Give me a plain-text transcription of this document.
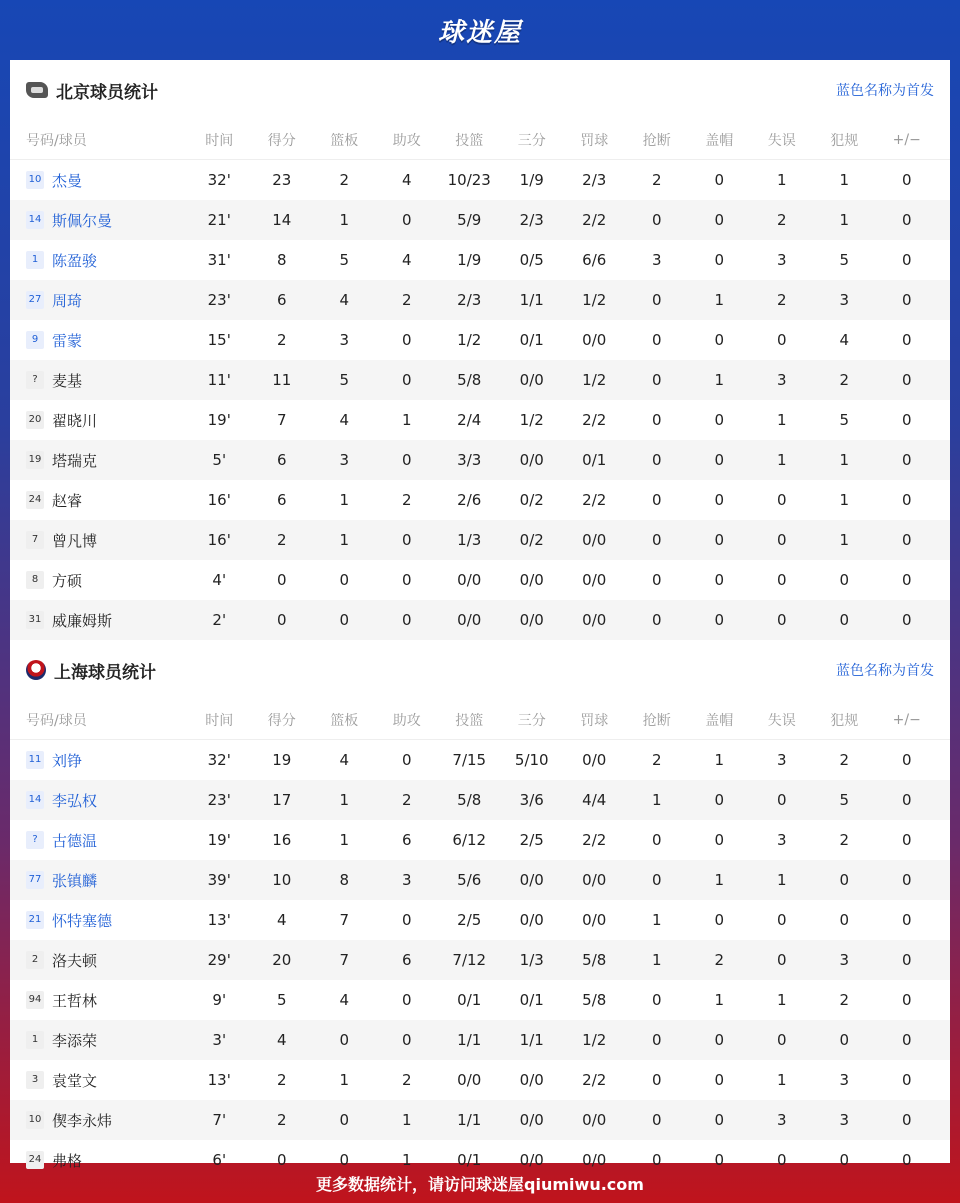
球迷屋
北京球员统计	蓝色名称为首发
号码/球员	时间	得分	篮板	助攻	投篮	三分	罚球	抢断	盖帽	失误	犯规	+/−
10 杰曼	32'	23	2	4	10/23	1/9	2/3	2	0	1	1	0
14 斯佩尔曼	21'	14	1	0	5/9	2/3	2/2	0	0	2	1	0
1 陈盈骏	31'	8	5	4	1/9	0/5	6/6	3	0	3	5	0
27 周琦	23'	6	4	2	2/3	1/1	1/2	0	1	2	3	0
9 雷蒙	15'	2	3	0	1/2	0/1	0/0	0	0	0	4	0
? 麦基	11'	11	5	0	5/8	0/0	1/2	0	1	3	2	0
20 翟晓川	19'	7	4	1	2/4	1/2	2/2	0	0	1	5	0
19 塔瑞克	5'	6	3	0	3/3	0/0	0/1	0	0	1	1	0
24 赵睿	16'	6	1	2	2/6	0/2	2/2	0	0	0	1	0
7 曾凡博	16'	2	1	0	1/3	0/2	0/0	0	0	0	1	0
8 方硕	4'	0	0	0	0/0	0/0	0/0	0	0	0	0	0
31 威廉姆斯	2'	0	0	0	0/0	0/0	0/0	0	0	0	0	0
上海球员统计	蓝色名称为首发
号码/球员	时间	得分	篮板	助攻	投篮	三分	罚球	抢断	盖帽	失误	犯规	+/−
11 刘铮	32'	19	4	0	7/15	5/10	0/0	2	1	3	2	0
14 李弘权	23'	17	1	2	5/8	3/6	4/4	1	0	0	5	0
? 古德温	19'	16	1	6	6/12	2/5	2/2	0	0	3	2	0
77 张镇麟	39'	10	8	3	5/6	0/0	0/0	0	1	1	0	0
21 怀特塞德	13'	4	7	0	2/5	0/0	0/0	1	0	0	0	0
2 洛夫顿	29'	20	7	6	7/12	1/3	5/8	1	2	0	3	0
94 王哲林	9'	5	4	0	0/1	0/1	5/8	0	1	1	2	0
1 李添荣	3'	4	0	0	1/1	1/1	1/2	0	0	0	0	0
3 袁堂文	13'	2	1	2	0/0	0/0	2/2	0	0	1	3	0
10 偰李永炜	7'	2	0	1	1/1	0/0	0/0	0	0	3	3	0
24 弗格	6'	0	0	1	0/1	0/0	0/0	0	0	0	0	0
更多数据统计，请访问球迷屋qiumiwu.com
